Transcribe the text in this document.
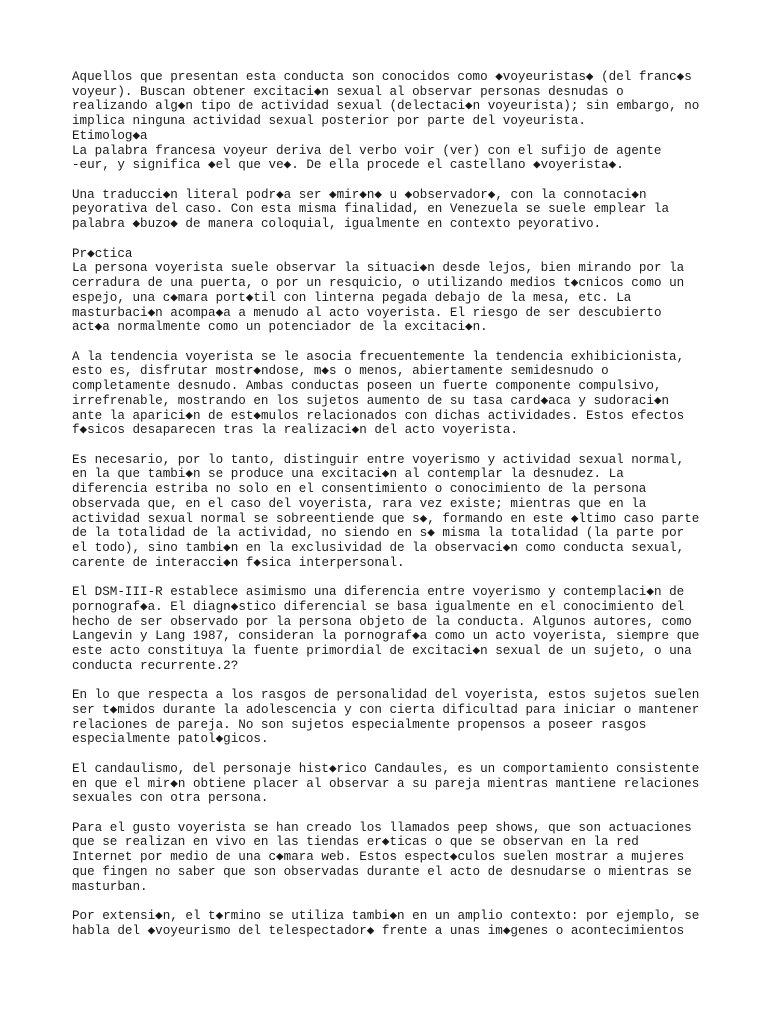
Aquellos que presentan esta conducta son conocidos como ◆voyeuristas◆ (del franc◆s
voyeur). Buscan obtener excitaci◆n sexual al observar personas desnudas o
realizando alg◆n tipo de actividad sexual (delectaci◆n voyeurista); sin embargo, no
implica ninguna actividad sexual posterior por parte del voyeurista.
Etimolog◆a
La palabra francesa voyeur deriva del verbo voir (ver) con el sufijo de agente
-eur, y significa ◆el que ve◆. De ella procede el castellano ◆voyerista◆.
Una traducci◆n literal podr◆a ser ◆mir◆n◆ u ◆observador◆, con la connotaci◆n
peyorativa del caso. Con esta misma finalidad, en Venezuela se suele emplear la
palabra ◆buzo◆ de manera coloquial, igualmente en contexto peyorativo.
Pr◆ctica
La persona voyerista suele observar la situaci◆n desde lejos, bien mirando por la
cerradura de una puerta, o por un resquicio, o utilizando medios t◆cnicos como un
espejo, una c◆mara port◆til con linterna pegada debajo de la mesa, etc. La
masturbaci◆n acompa◆a a menudo al acto voyerista. El riesgo de ser descubierto
act◆a normalmente como un potenciador de la excitaci◆n.
A la tendencia voyerista se le asocia frecuentemente la tendencia exhibicionista,
esto es, disfrutar mostr◆ndose, m◆s o menos, abiertamente semidesnudo o
completamente desnudo. Ambas conductas poseen un fuerte componente compulsivo,
irrefrenable, mostrando en los sujetos aumento de su tasa card◆aca y sudoraci◆n
ante la aparici◆n de est◆mulos relacionados con dichas actividades. Estos efectos
f◆sicos desaparecen tras la realizaci◆n del acto voyerista.
Es necesario, por lo tanto, distinguir entre voyerismo y actividad sexual normal,
en la que tambi◆n se produce una excitaci◆n al contemplar la desnudez. La
diferencia estriba no solo en el consentimiento o conocimiento de la persona
observada que, en el caso del voyerista, rara vez existe; mientras que en la
actividad sexual normal se sobreentiende que s◆, formando en este ◆ltimo caso parte
de la totalidad de la actividad, no siendo en s◆ misma la totalidad (la parte por
el todo), sino tambi◆n en la exclusividad de la observaci◆n como conducta sexual,
carente de interacci◆n f◆sica interpersonal.
El DSM-III-R establece asimismo una diferencia entre voyerismo y contemplaci◆n de
pornograf◆a. El diagn◆stico diferencial se basa igualmente en el conocimiento del
hecho de ser observado por la persona objeto de la conducta. Algunos autores, como
Langevin y Lang 1987, consideran la pornograf◆a como un acto voyerista, siempre que
este acto constituya la fuente primordial de excitaci◆n sexual de un sujeto, o una
conducta recurrente.2?
En lo que respecta a los rasgos de personalidad del voyerista, estos sujetos suelen
ser t◆midos durante la adolescencia y con cierta dificultad para iniciar o mantener
relaciones de pareja. No son sujetos especialmente propensos a poseer rasgos
especialmente patol◆gicos.
El candaulismo, del personaje hist◆rico Candaules, es un comportamiento consistente
en que el mir◆n obtiene placer al observar a su pareja mientras mantiene relaciones
sexuales con otra persona.
Para el gusto voyerista se han creado los llamados peep shows, que son actuaciones
que se realizan en vivo en las tiendas er◆ticas o que se observan en la red
Internet por medio de una c◆mara web. Estos espect◆culos suelen mostrar a mujeres
que fingen no saber que son observadas durante el acto de desnudarse o mientras se
masturban.
Por extensi◆n, el t◆rmino se utiliza tambi◆n en un amplio contexto: por ejemplo, se
habla del ◆voyeurismo del telespectador◆ frente a unas im◆genes o acontecimientos
